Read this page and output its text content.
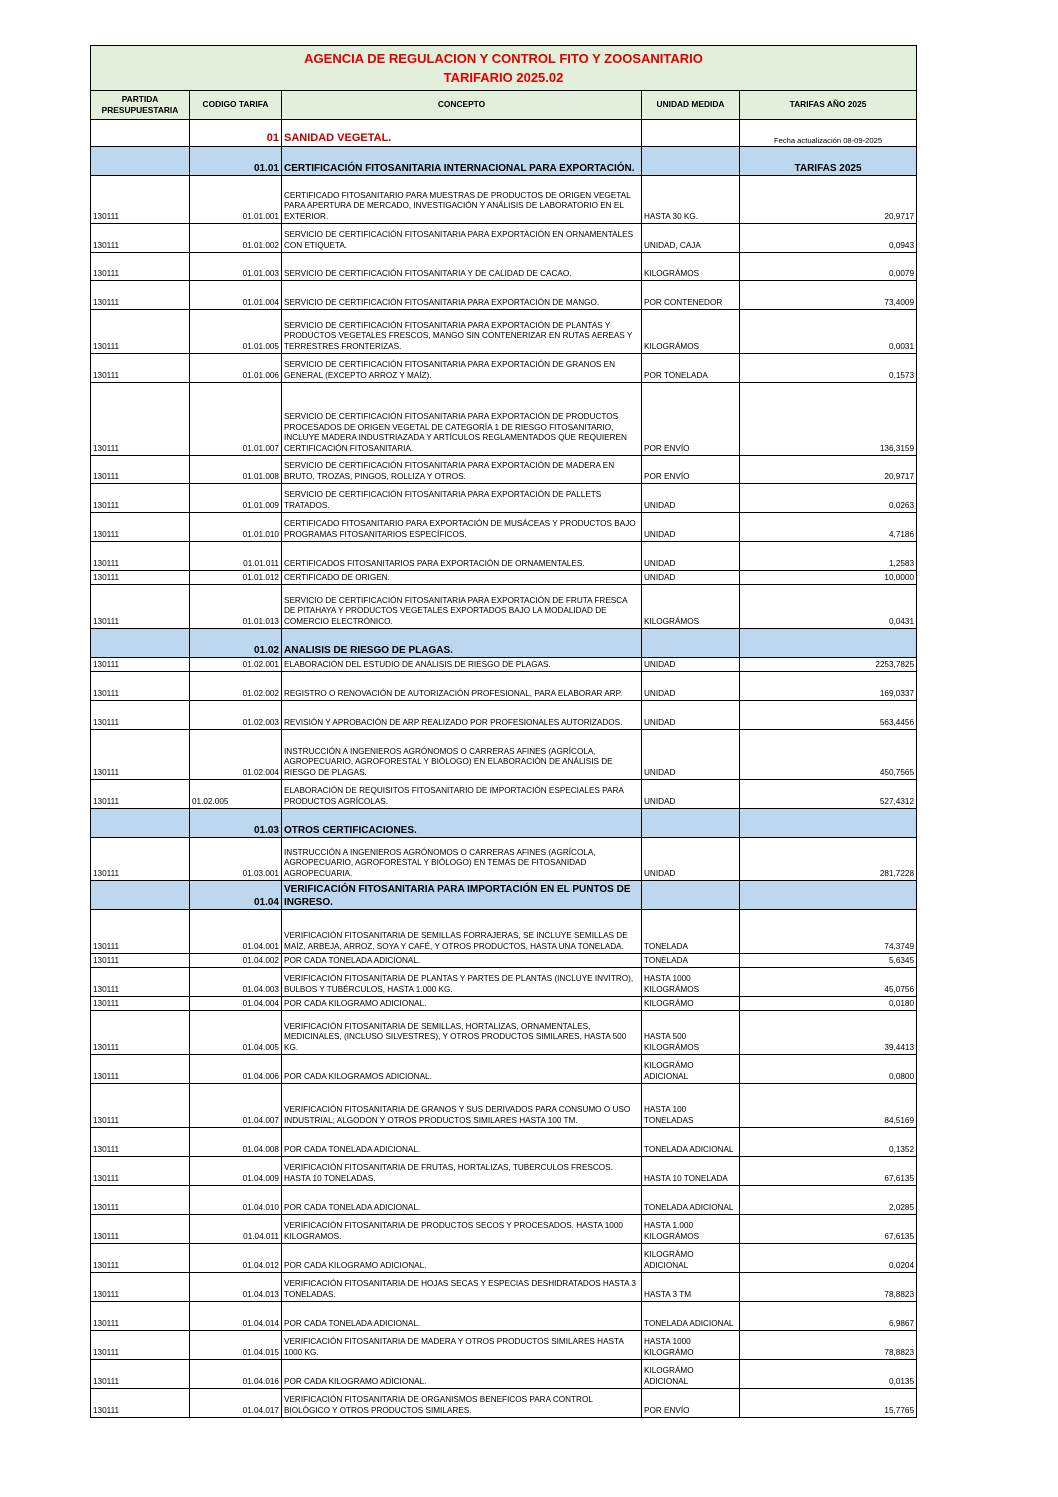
AGENCIA DE REGULACION Y CONTROL FITO Y ZOOSANITARIO
TARIFARIO 2025.02				

PARTIDA PRESUPUESTARIA	CODIGO TARIFA	CONCEPTO	UNIDAD MEDIDA	TARIFAS AÑO 2025
	01	SANIDAD VEGETAL.		Fecha actualización 08-09-2025
	01.01	CERTIFICACIÓN FITOSANITARIA INTERNACIONAL PARA EXPORTACIÓN.		TARIFAS 2025
130111	01.01.001	CERTIFICADO FITOSANITARIO PARA MUESTRAS DE PRODUCTOS DE ORIGEN VEGETAL PARA APERTURA DE MERCADO, INVESTIGACIÓN Y ANÁLISIS DE LABORATORIO EN EL EXTERIOR.	HASTA 30 KG.	20,9717
130111	01.01.002	SERVICIO DE CERTIFICACIÓN FITOSANITARIA PARA EXPORTACIÓN EN ORNAMENTALES CON ETIQUETA.	UNIDAD, CAJA	0,0943
130111	01.01.003	SERVICIO DE CERTIFICACIÓN FITOSANITARIA Y DE CALIDAD DE CACAO.	KILOGRÁMOS	0,0079
130111	01.01.004	SERVICIO DE CERTIFICACIÓN FITOSANITARIA PARA EXPORTACIÓN DE MANGO.	POR CONTENEDOR	73,4009
130111	01.01.005	SERVICIO DE CERTIFICACIÓN FITOSANITARIA PARA EXPORTACIÓN DE PLANTAS Y PRODUCTOS VEGETALES FRESCOS, MANGO SIN CONTENERIZAR EN RUTAS AEREAS Y TERRESTRES FRONTERIZAS.	KILOGRÁMOS	0,0031
130111	01.01.006	SERVICIO DE CERTIFICACIÓN FITOSANITARIA PARA EXPORTACIÓN DE GRANOS EN GENERAL (EXCEPTO ARROZ Y MAÍZ).	POR TONELADA	0,1573
130111	01.01.007	SERVICIO DE CERTIFICACIÓN FITOSANITARIA PARA EXPORTACIÓN DE PRODUCTOS PROCESADOS DE ORIGEN VEGETAL DE CATEGORÍA 1 DE RIESGO FITOSANITARIO, INCLUYE MADERA INDUSTRIAZADA Y ARTÍCULOS REGLAMENTADOS QUE REQUIEREN CERTIFICACIÓN FITOSANITARIA.	POR ENVÍO	136,3159
130111	01.01.008	SERVICIO DE CERTIFICACIÓN FITOSANITARIA PARA EXPORTACIÓN DE MADERA EN BRUTO, TROZAS, PINGOS, ROLLIZA Y OTROS.	POR ENVÍO	20,9717
130111	01.01.009	SERVICIO DE CERTIFICACIÓN FITOSANITARIA PARA EXPORTACIÓN DE PALLETS TRATADOS.	UNIDAD	0,0263
130111	01.01.010	CERTIFICADO FITOSANITARIO PARA EXPORTACIÓN DE MUSÁCEAS Y PRODUCTOS BAJO PROGRAMAS FITOSANITARIOS ESPECÍFICOS.	UNIDAD	4,7186
130111	01.01.011	CERTIFICADOS FITOSANITARIOS PARA EXPORTACIÓN DE ORNAMENTALES.	UNIDAD	1,2583
130111	01.01.012	CERTIFICADO DE ORIGEN.	UNIDAD	10,0000
130111	01.01.013	SERVICIO DE CERTIFICACIÓN FITOSANITARIA PARA EXPORTACIÓN DE FRUTA FRESCA DE PITAHAYA Y PRODUCTOS VEGETALES EXPORTADOS BAJO LA MODALIDAD DE COMERCIO ELECTRÓNICO.	KILOGRÁMOS	0,0431
	01.02	ANALISIS DE RIESGO DE PLAGAS.		
130111	01.02.001	ELABORACIÓN DEL ESTUDIO DE ANÁLISIS DE RIESGO DE PLAGAS.	UNIDAD	2253,7825
130111	01.02.002	REGISTRO O RENOVACIÓN DE AUTORIZACIÓN PROFESIONAL, PARA ELABORAR ARP.	UNIDAD	169,0337
130111	01.02.003	REVISIÓN Y APROBACIÓN DE ARP REALIZADO POR PROFESIONALES AUTORIZADOS.	UNIDAD	563,4456
130111	01.02.004	INSTRUCCIÓN A INGENIEROS AGRÓNOMOS O CARRERAS AFINES (AGRÍCOLA, AGROPECUARIO, AGROFORESTAL Y BIÓLOGO) EN ELABORACIÓN DE ANÁLISIS DE RIESGO DE PLAGAS.	UNIDAD	450,7565
130111	01.02.005	ELABORACIÓN DE REQUISITOS FITOSANITARIO DE IMPORTACIÓN ESPECIALES PARA PRODUCTOS AGRÍCOLAS.	UNIDAD	527,4312
	01.03	OTROS CERTIFICACIONES.		
130111	01.03.001	INSTRUCCIÓN A INGENIEROS AGRÓNOMOS O CARRERAS AFINES (AGRÍCOLA, AGROPECUARIO, AGROFORESTAL Y BIÓLOGO) EN TEMAS DE FITOSANIDAD AGROPECUARIA.	UNIDAD	281,7228
	01.04	VERIFICACIÓN FITOSANITARIA PARA IMPORTACIÓN EN EL PUNTOS DE INGRESO.		
130111	01.04.001	VERIFICACIÓN FITOSANITARIA DE SEMILLAS FORRAJERAS, SE INCLUYE SEMILLAS DE MAÍZ, ARBEJA, ARROZ, SOYA Y CAFÉ, Y OTROS PRODUCTOS, HASTA UNA TONELADA.	TONELADA	74,3749
130111	01.04.002	POR CADA TONELADA ADICIONAL.	TONELADA	5,6345
130111	01.04.003	VERIFICACIÓN FITOSANITARIA DE PLANTAS Y PARTES DE PLANTAS (INCLUYE INVITRO), BULBOS Y TUBÉRCULOS, HASTA 1.000 KG.	HASTA 1000 KILOGRÁMOS	45,0756
130111	01.04.004	POR CADA KILOGRAMO ADICIONAL.	KILOGRÁMO	0,0180
130111	01.04.005	VERIFICACIÓN FITOSANITARIA DE SEMILLAS, HORTALIZAS, ORNAMENTALES, MEDICINALES, (INCLUSO SILVESTRES), Y OTROS PRODUCTOS SIMILARES, HASTA 500 KG.	HASTA 500 KILOGRÁMOS	39,4413
130111	01.04.006	POR CADA KILOGRAMOS ADICIONAL.	KILOGRÁMO ADICIONAL	0,0800
130111	01.04.007	VERIFICACIÓN FITOSANITARIA DE GRANOS Y SUS DERIVADOS PARA CONSUMO O USO INDUSTRIAL; ALGODON Y OTROS PRODUCTOS SIMILARES HASTA 100 TM.	HASTA 100 TONELADAS	84,5169
130111	01.04.008	POR CADA TONELADA ADICIONAL.	TONELADA ADICIONAL	0,1352
130111	01.04.009	VERIFICACIÓN FITOSANITARIA DE FRUTAS, HORTALIZAS, TUBERCULOS FRESCOS. HASTA 10 TONELADAS.	HASTA 10 TONELADA	67,6135
130111	01.04.010	POR CADA TONELADA ADICIONAL.	TONELADA ADICIONAL	2,0285
130111	01.04.011	VERIFICACIÓN FITOSANITARIA DE PRODUCTOS SECOS Y PROCESADOS. HASTA 1000 KILOGRAMOS.	HASTA 1.000 KILOGRÁMOS	67,6135
130111	01.04.012	POR CADA KILOGRAMO ADICIONAL.	KILOGRÁMO ADICIONAL	0,0204
130111	01.04.013	VERIFICACIÓN FITOSANITARIA DE HOJAS SECAS Y ESPECIAS DESHIDRATADOS HASTA 3 TONELADAS.	HASTA 3 TM	78,8823
130111	01.04.014	POR CADA TONELADA ADICIONAL.	TONELADA ADICIONAL	6,9867
130111	01.04.015	VERIFICACIÓN FITOSANITARIA DE MADERA Y OTROS PRODUCTOS SIMILARES HASTA 1000 KG.	HASTA 1000 KILOGRÁMO	78,8823
130111	01.04.016	POR CADA KILOGRAMO ADICIONAL.	KILOGRÁMO ADICIONAL	0,0135
130111	01.04.017	VERIFICACIÓN FITOSANITARIA DE ORGANISMOS BENEFICOS PARA CONTROL BIOLÓGICO Y OTROS PRODUCTOS SIMILARES.	POR ENVÍO	15,7765
